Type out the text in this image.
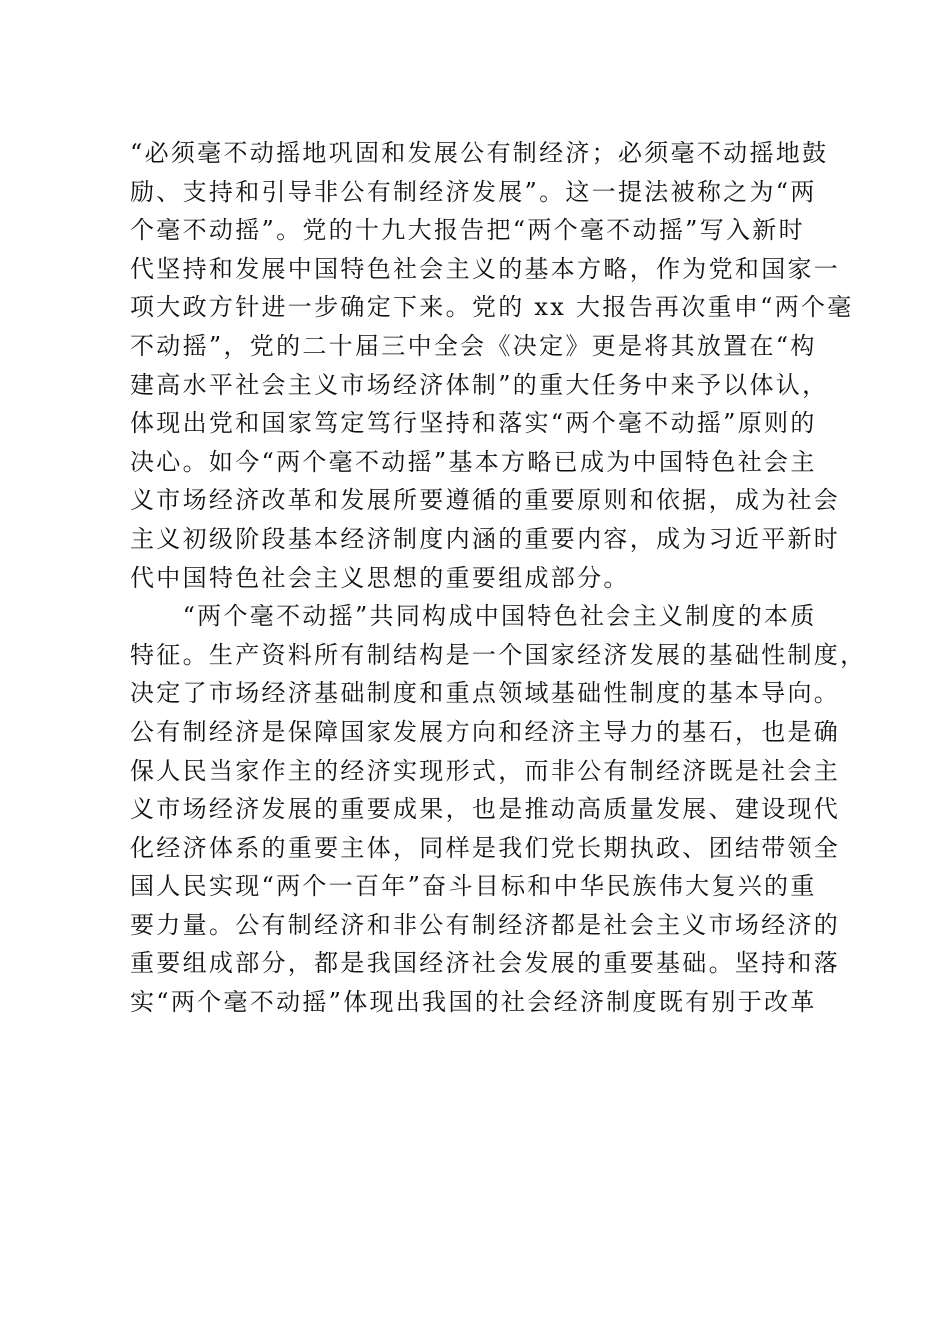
“必须毫不动摇地巩固和发展公有制经济；必须毫不动摇地鼓
励、支持和引导非公有制经济发展”。这一提法被称之为“两
个毫不动摇”。党的十九大报告把“两个毫不动摇”写入新时
代坚持和发展中国特色社会主义的基本方略，作为党和国家一
项大政方针进一步确定下来。党的 xx 大报告再次重申“两个毫
不动摇”，党的二十届三中全会《决定》更是将其放置在“构
建高水平社会主义市场经济体制”的重大任务中来予以体认，
体现出党和国家笃定笃行坚持和落实“两个毫不动摇”原则的
决心。如今“两个毫不动摇”基本方略已成为中国特色社会主
义市场经济改革和发展所要遵循的重要原则和依据，成为社会
主义初级阶段基本经济制度内涵的重要内容，成为习近平新时
代中国特色社会主义思想的重要组成部分。
　　“两个毫不动摇”共同构成中国特色社会主义制度的本质
特征。生产资料所有制结构是一个国家经济发展的基础性制度，
决定了市场经济基础制度和重点领域基础性制度的基本导向。
公有制经济是保障国家发展方向和经济主导力的基石，也是确
保人民当家作主的经济实现形式，而非公有制经济既是社会主
义市场经济发展的重要成果，也是推动高质量发展、建设现代
化经济体系的重要主体，同样是我们党长期执政、团结带领全
国人民实现“两个一百年”奋斗目标和中华民族伟大复兴的重
要力量。公有制经济和非公有制经济都是社会主义市场经济的
重要组成部分，都是我国经济社会发展的重要基础。坚持和落
实“两个毫不动摇”体现出我国的社会经济制度既有别于改革
